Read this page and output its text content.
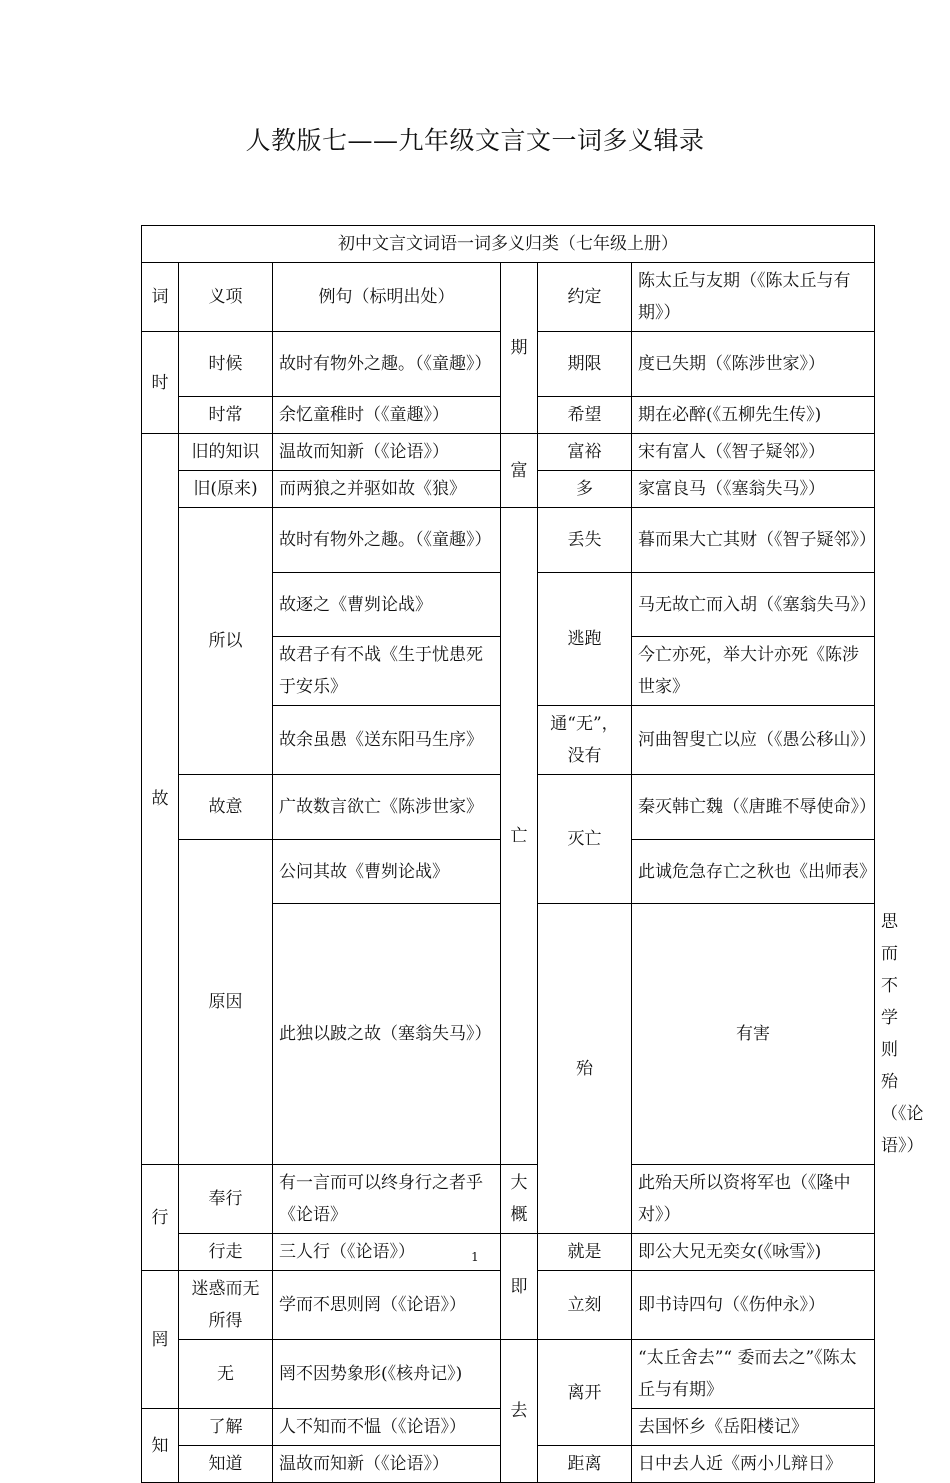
人教版七——九年级文言文一词多义辑录
初中文言文词语一词多义归类（七年级上册）						
词	义项	例句（标明出处）	期	约定	陈太丘与友期（《陈太丘与有期》）	
时	时候	故时有物外之趣。（《童趣》）		期限	度已失期（《陈涉世家》）	
	时常	余忆童稚时（《童趣》）		希望	期在必醉(《五柳先生传》)	
故	旧的知识	温故而知新（《论语》）	富	富裕	宋有富人（《智子疑邻》）	
	旧(原来)	而两狼之并驱如故《狼》		多	家富良马（《塞翁失马》）	
	所以	故时有物外之趣。（《童趣》）	亡	丢失	暮而果大亡其财（《智子疑邻》）	
		故逐之《曹刿论战》		逃跑	马无故亡而入胡（《塞翁失马》）	
		故君子有不战《生于忧患死于安乐》			今亡亦死，举大计亦死《陈涉世家》	
		故余虽愚《送东阳马生序》		通“无”，没有	河曲智叟亡以应（《愚公移山》）	
	故意	广故数言欲亡《陈涉世家》		灭亡	秦灭韩亡魏（《唐雎不辱使命》）	
	原因	公问其故《曹刿论战》			此诚危急存亡之秋也《出师表》	
		此独以跛之故（塞翁失马》）		殆	有害	思而不学则殆（《论语》）
行	奉行	有一言而可以终身行之者乎《论语》	大概		此殆天所以资将军也（《隆中对》）	
	行走	三人行（《论语》）	即	就是	即公大兄无奕女(《咏雪》)	
罔	迷惑而无所得	学而不思则罔（《论语》）		立刻	即书诗四句（《伤仲永》）	
	无	罔不因势象形(《核舟记》)	去	离开	“太丘舍去”“ 委而去之”《陈太丘与有期》	
知	了解	人不知而不愠（《论语》）			去国怀乡《岳阳楼记》	
	知道	温故而知新（《论语》）		距离	日中去人近《两小儿辩日》	
1
